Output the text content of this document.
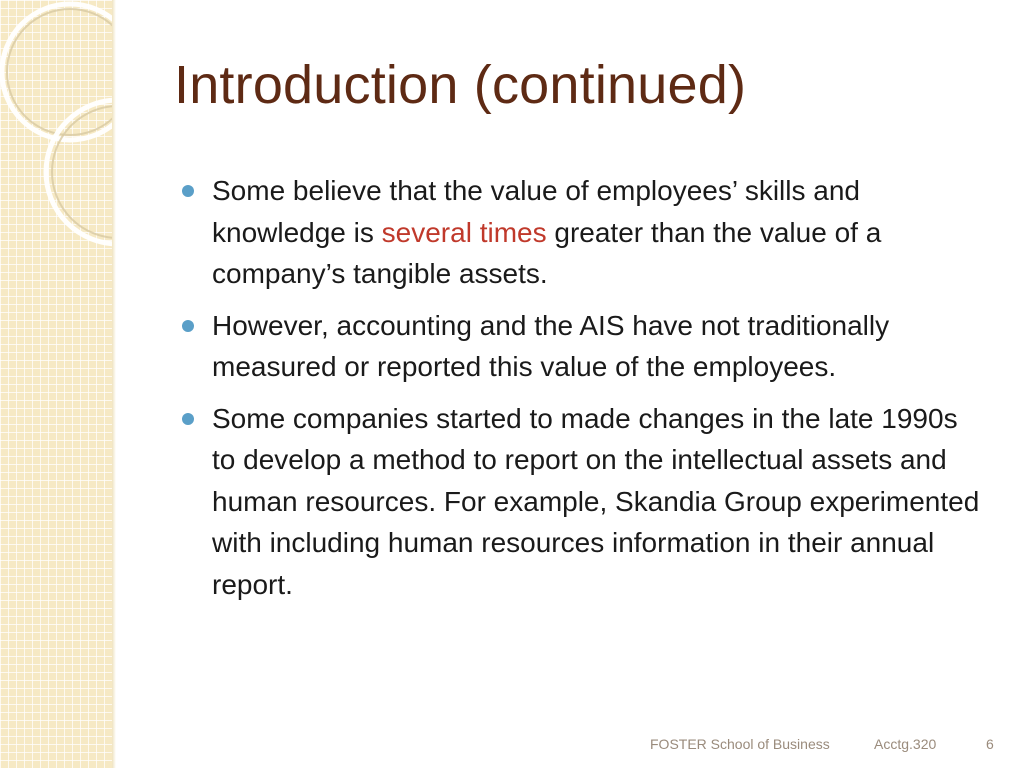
Introduction (continued)
Some believe that the value of employees’ skills and knowledge is several times greater than the value of a company’s tangible assets.
However, accounting and the AIS have not traditionally measured or reported this value of the employees.
Some companies started to made changes in the late 1990s to develop a method to report on the intellectual assets and human resources. For example, Skandia Group experimented with including human resources information in their annual report.
FOSTER School of Business	Acctg.320	6
